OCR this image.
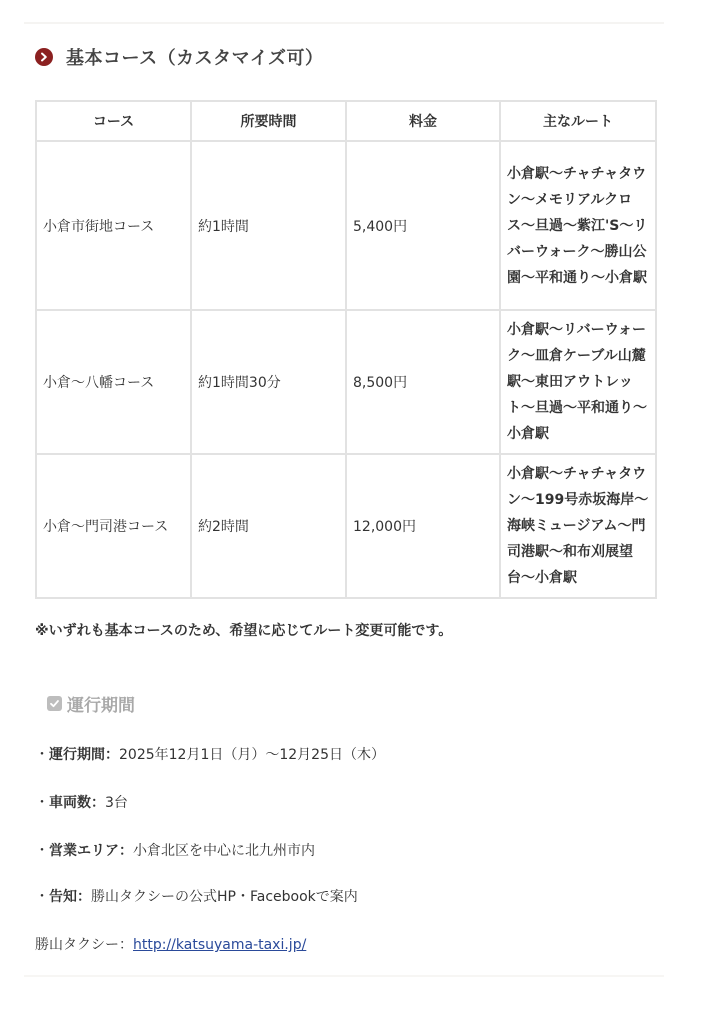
基本コース（カスタマイズ可）
コース	所要時間	料金	主なルート
小倉市街地コース	約1時間	5,400円	小倉駅〜チャチャタウン〜メモリアルクロス〜旦過〜紫江'S〜リバーウォーク〜勝山公園〜平和通り〜小倉駅
小倉〜八幡コース	約1時間30分	8,500円	小倉駅〜リバーウォーク〜皿倉ケーブル山麓駅〜東田アウトレット〜旦過〜平和通り〜小倉駅
小倉〜門司港コース	約2時間	12,000円	小倉駅〜チャチャタウン〜199号赤坂海岸〜海峡ミュージアム〜門司港駅〜和布刈展望台〜小倉駅
※いずれも基本コースのため、希望に応じてルート変更可能です。
運行期間
・運行期間：2025年12月1日（月）〜12月25日（木）
・車両数：3台
・営業エリア：小倉北区を中心に北九州市内
・告知：勝山タクシーの公式HP・Facebookで案内
勝山タクシー：http://katsuyama-taxi.jp/
